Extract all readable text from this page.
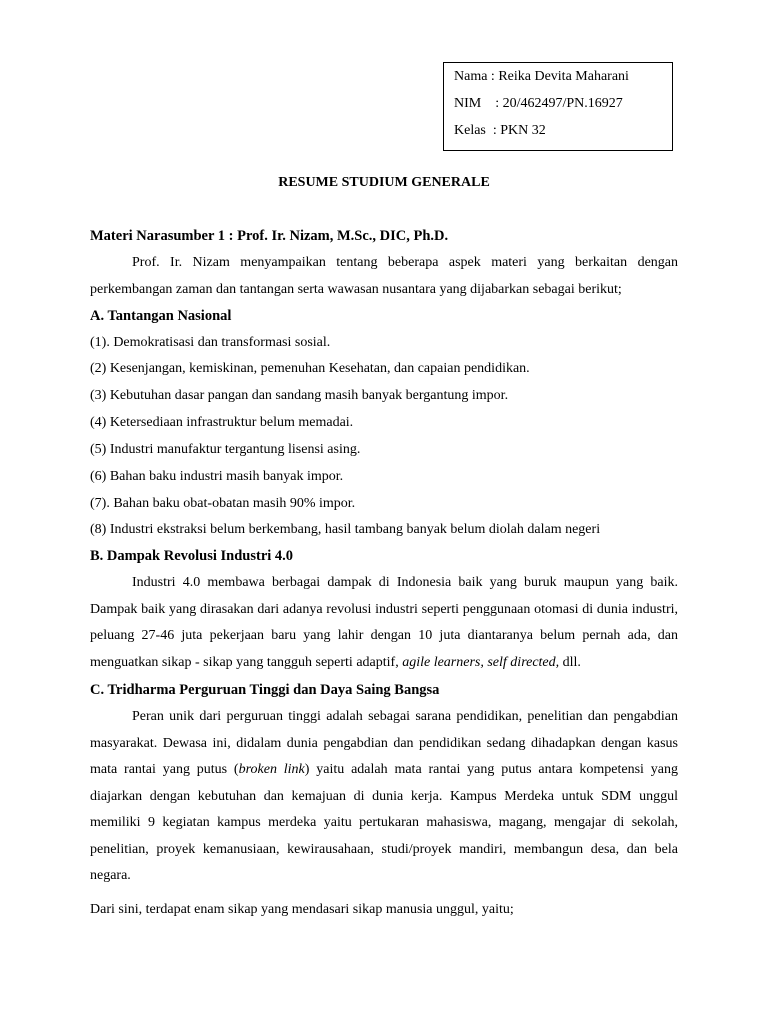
Nama : Reika Devita Maharani
NIM    : 20/462497/PN.16927
Kelas  : PKN 32
RESUME STUDIUM GENERALE
Materi Narasumber 1 : Prof. Ir. Nizam, M.Sc., DIC, Ph.D.

Prof. Ir. Nizam menyampaikan tentang beberapa aspek materi yang berkaitan dengan perkembangan zaman dan tantangan serta wawasan nusantara yang dijabarkan sebagai berikut;

A. Tantangan Nasional
(1). Demokratisasi dan transformasi sosial.
(2) Kesenjangan, kemiskinan, pemenuhan Kesehatan, dan capaian pendidikan.
(3) Kebutuhan dasar pangan dan sandang masih banyak bergantung impor.
(4) Ketersediaan infrastruktur belum memadai.
(5) Industri manufaktur tergantung lisensi asing.
(6) Bahan baku industri masih banyak impor.
(7). Bahan baku obat-obatan masih 90% impor.
(8) Industri ekstraksi belum berkembang, hasil tambang banyak belum diolah dalam negeri
B. Dampak Revolusi Industri 4.0

Industri 4.0 membawa berbagai dampak di Indonesia baik yang buruk maupun yang baik. Dampak baik yang dirasakan dari adanya revolusi industri seperti penggunaan otomasi di dunia industri, peluang 27-46 juta pekerjaan baru yang lahir dengan 10 juta diantaranya belum pernah ada, dan menguatkan sikap - sikap yang tangguh seperti adaptif, agile learners, self directed, dll.

C. Tridharma Perguruan Tinggi dan Daya Saing Bangsa

Peran unik dari perguruan tinggi adalah sebagai sarana pendidikan, penelitian dan pengabdian masyarakat. Dewasa ini, didalam dunia pengabdian dan pendidikan sedang dihadapkan dengan kasus mata rantai yang putus (broken link) yaitu adalah mata rantai yang putus antara kompetensi yang diajarkan dengan kebutuhan dan kemajuan di dunia kerja. Kampus Merdeka untuk SDM unggul memiliki 9 kegiatan kampus merdeka yaitu pertukaran mahasiswa, magang, mengajar di sekolah, penelitian, proyek kemanusiaan, kewirausahaan, studi/proyek mandiri, membangun desa, dan bela negara.

Dari sini, terdapat enam sikap yang mendasari sikap manusia unggul, yaitu;
